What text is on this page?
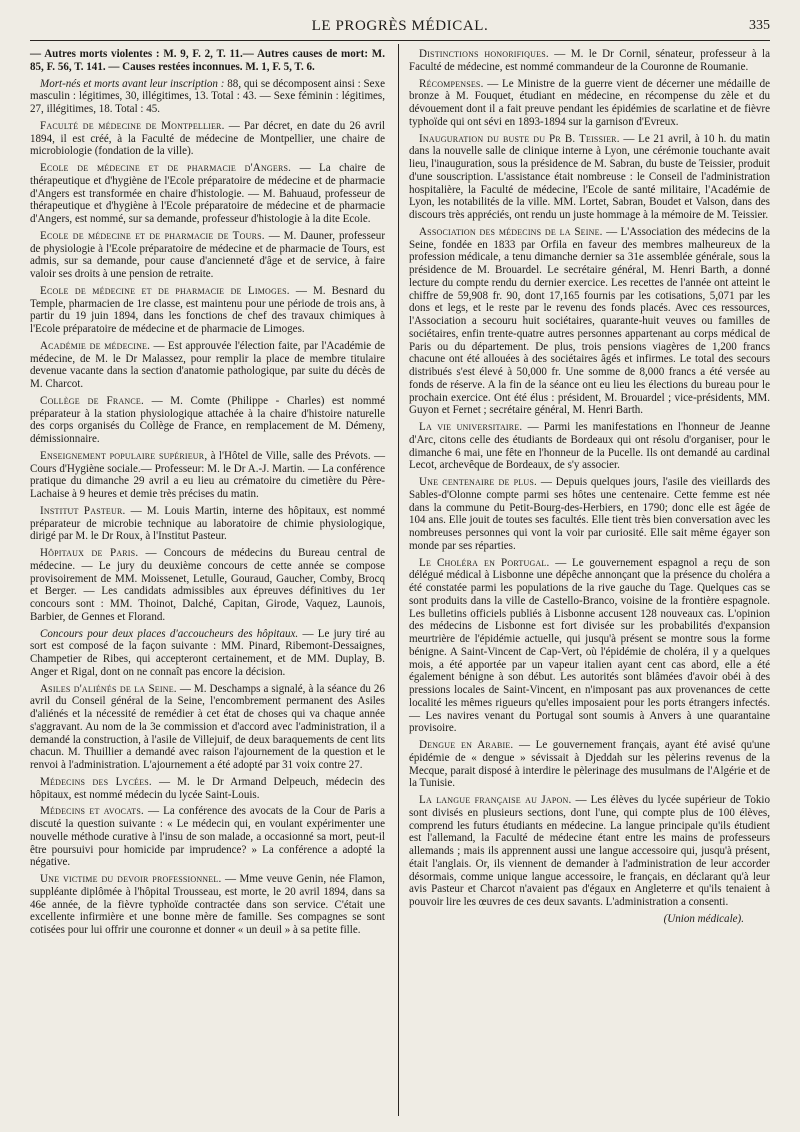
LE PROGRÈS MÉDICAL.	335

— Autres morts violentes : M. 9, F. 2, T. 11.— Autres causes de mort: M. 85, F. 56, T. 141. — Causes restées inconnues. M. 1, F. 5, T. 6.

Mort-nés et morts avant leur inscription : 88, qui se décomposent ainsi : Sexe masculin : légitimes, 30, illégitimes, 13. Total : 43. — Sexe féminin : légitimes, 27, illégitimes, 18. Total : 45.

Faculté de médecine de Montpellier. — Par décret, en date du 26 avril 1894, il est créé, à la Faculté de médecine de Montpellier, une chaire de microbiologie (fondation de la ville).

Ecole de médecine et de pharmacie d'Angers. — La chaire de thérapeutique et d'hygiène de l'Ecole préparatoire de médecine et de pharmacie d'Angers est transformée en chaire d'histologie. — M. Bahuaud, professeur de thérapeutique et d'hygiène à l'Ecole préparatoire de médecine et de pharmacie d'Angers, est nommé, sur sa demande, professeur d'histologie à la dite Ecole.

Ecole de médecine et de pharmacie de Tours. — M. Dauner, professeur de physiologie à l'Ecole préparatoire de médecine et de pharmacie de Tours, est admis, sur sa demande, pour cause d'ancienneté d'âge et de service, à faire valoir ses droits à une pension de retraite.

Ecole de médecine et de pharmacie de Limoges. — M. Besnard du Temple, pharmacien de 1re classe, est maintenu pour une période de trois ans, à partir du 19 juin 1894, dans les fonctions de chef des travaux chimiques à l'Ecole préparatoire de médecine et de pharmacie de Limoges.

Académie de médecine. — Est approuvée l'élection faite, par l'Académie de médecine, de M. le Dr Malassez, pour remplir la place de membre titulaire devenue vacante dans la section d'anatomie pathologique, par suite du décès de M. Charcot.

Collège de France. — M. Comte (Philippe - Charles) est nommé préparateur à la station physiologique attachée à la chaire d'histoire naturelle des corps organisés du Collège de France, en remplacement de M. Démeny, démissionnaire.

Enseignement populaire supérieur, à l'Hôtel de Ville, salle des Prévots. — Cours d'Hygiène sociale.— Professeur: M. le Dr A.-J. Martin. — La conférence pratique du dimanche 29 avril a eu lieu au crématoire du cimetière du Père-Lachaise à 9 heures et demie très précises du matin.

Institut Pasteur. — M. Louis Martin, interne des hôpitaux, est nommé préparateur de microbie technique au laboratoire de chimie physiologique, dirigé par M. le Dr Roux, à l'Institut Pasteur.

Hôpitaux de Paris. — Concours de médecins du Bureau central de médecine. — Le jury du deuxième concours de cette année se compose provisoirement de MM. Moissenet, Letulle, Gouraud, Gaucher, Comby, Brocq et Berger. — Les candidats admissibles aux épreuves définitives du 1er concours sont : MM. Thoinot, Dalché, Capitan, Girode, Vaquez, Launois, Barbier, de Gennes et Florand.

Concours pour deux places d'accoucheurs des hôpitaux. — Le jury tiré au sort est composé de la façon suivante : MM. Pinard, Ribemont-Dessaignes, Champetier de Ribes, qui accepteront certainement, et de MM. Duplay, B. Anger et Rigal, dont on ne connaît pas encore la décision.

Asiles d'aliénés de la Seine. — M. Deschamps a signalé, à la séance du 26 avril du Conseil général de la Seine, l'encombrement permanent des Asiles d'aliénés et la nécessité de remédier à cet état de choses qui va chaque année s'aggravant. Au nom de la 3e commission et d'accord avec l'administration, il a demandé la construction, à l'asile de Villejuif, de deux baraquements de cent lits chacun. M. Thuillier a demandé avec raison l'ajournement de la question et le renvoi à l'administration. L'ajournement a été adopté par 31 voix contre 27.

Médecins des Lycées. — M. le Dr Armand Delpeuch, médecin des hôpitaux, est nommé médecin du lycée Saint-Louis.

Médecins et avocats. — La conférence des avocats de la Cour de Paris a discuté la question suivante : « Le médecin qui, en voulant expérimenter une nouvelle méthode curative à l'insu de son malade, a occasionné sa mort, peut-il être poursuivi pour homicide par imprudence? » La conférence a adopté la négative.

Une victime du devoir professionnel. — Mme veuve Genin, née Flamon, suppléante diplômée à l'hôpital Trousseau, est morte, le 20 avril 1894, dans sa 46e année, de la fièvre typhoïde contractée dans son service. C'était une excellente infirmière et une bonne mère de famille. Ses compagnes se sont cotisées pour lui offrir une couronne et donner « un deuil » à sa petite fille.

Distinctions honorifiques. — M. le Dr Cornil, sénateur, professeur à la Faculté de médecine, est nommé commandeur de la Couronne de Roumanie.

Récompenses. — Le Ministre de la guerre vient de décerner une médaille de bronze à M. Fouquet, étudiant en médecine, en récompense du zèle et du dévouement dont il a fait preuve pendant les épidémies de scarlatine et de fièvre typhoïde qui ont sévi en 1893-1894 sur la garnison d'Evreux.

Inauguration du buste du Pr B. Teissier. — Le 21 avril, à 10 h. du matin dans la nouvelle salle de clinique interne à Lyon, une cérémonie touchante avait lieu, l'inauguration, sous la présidence de M. Sabran, du buste de Teissier, produit d'une souscription. L'assistance était nombreuse : le Conseil de l'administration hospitalière, la Faculté de médecine, l'Ecole de santé militaire, l'Académie de Lyon, les notabilités de la ville. MM. Lortet, Sabran, Boudet et Valson, dans des discours très appréciés, ont rendu un juste hommage à la mémoire de M. Teissier.

Association des médecins de la Seine. — L'Association des médecins de la Seine, fondée en 1833 par Orfila en faveur des membres malheureux de la profession médicale, a tenu dimanche dernier sa 31e assemblée générale, sous la présidence de M. Brouardel. Le secrétaire général, M. Henri Barth, a donné lecture du compte rendu du dernier exercice. Les recettes de l'année ont atteint le chiffre de 59,908 fr. 90, dont 17,165 fournis par les cotisations, 5,071 par les dons et legs, et le reste par le revenu des fonds placés. Avec ces ressources, l'Association a secouru huit sociétaires, quarante-huit veuves ou familles de sociétaires, enfin trente-quatre autres personnes appartenant au corps médical de Paris ou du département. De plus, trois pensions viagères de 1,200 francs chacune ont été allouées à des sociétaires âgés et infirmes. Le total des secours distribués s'est élevé à 50,000 fr. Une somme de 8,000 francs a été versée au fonds de réserve. A la fin de la séance ont eu lieu les élections du bureau pour le prochain exercice. Ont été élus : président, M. Brouardel ; vice-présidents, MM. Guyon et Fernet ; secrétaire général, M. Henri Barth.

La vie universitaire. — Parmi les manifestations en l'honneur de Jeanne d'Arc, citons celle des étudiants de Bordeaux qui ont résolu d'organiser, pour le dimanche 6 mai, une fête en l'honneur de la Pucelle. Ils ont demandé au cardinal Lecot, archevêque de Bordeaux, de s'y associer.

Une centenaire de plus. — Depuis quelques jours, l'asile des vieillards des Sables-d'Olonne compte parmi ses hôtes une centenaire. Cette femme est née dans la commune du Petit-Bourg-des-Herbiers, en 1790; donc elle est âgée de 104 ans. Elle jouit de toutes ses facultés. Elle tient très bien conversation avec les nombreuses personnes qui vont la voir par curiosité. Elle sait même égayer son monde par ses réparties.

Le Choléra en Portugal. — Le gouvernement espagnol a reçu de son délégué médical à Lisbonne une dépêche annonçant que la présence du choléra a été constatée parmi les populations de la rive gauche du Tage. Quelques cas se sont produits dans la ville de Castello-Branco, voisine de la frontière espagnole. Les bulletins officiels publiés à Lisbonne accusent 128 nouveaux cas. L'opinion des médecins de Lisbonne est fort divisée sur les probabilités d'expansion meurtrière de l'épidémie actuelle, qui jusqu'à présent se montre sous la forme bénigne. A Saint-Vincent de Cap-Vert, où l'épidémie de choléra, il y a quelques mois, a été apportée par un vapeur italien ayant cent cas abord, elle a été également bénigne à son début. Les autorités sont blâmées d'avoir obéi à des pressions locales de Saint-Vincent, en n'imposant pas aux provenances de cette localité les mêmes rigueurs qu'elles imposaient pour les ports étrangers infectés.— Les navires venant du Portugal sont soumis à Anvers à une quarantaine provisoire.

Dengue en Arabie. — Le gouvernement français, ayant été avisé qu'une épidémie de « dengue » sévissait à Djeddah sur les pèlerins revenus de la Mecque, parait disposé à interdire le pèlerinage des musulmans de l'Algérie et de la Tunisie.

La langue française au Japon. — Les élèves du lycée supérieur de Tokio sont divisés en plusieurs sections, dont l'une, qui compte plus de 100 élèves, comprend les futurs étudiants en médecine. La langue principale qu'ils étudient est l'allemand, la Faculté de médecine étant entre les mains de professeurs allemands ; mais ils apprennent aussi une langue accessoire qui, jusqu'à présent, était l'anglais. Or, ils viennent de demander à l'administration de leur accorder désormais, comme unique langue accessoire, le français, en déclarant qu'à leur avis Pasteur et Charcot n'avaient pas d'égaux en Angleterre et qu'ils tenaient à pouvoir lire les œuvres de ces deux savants. L'administration a consenti.

(Union médicale).
